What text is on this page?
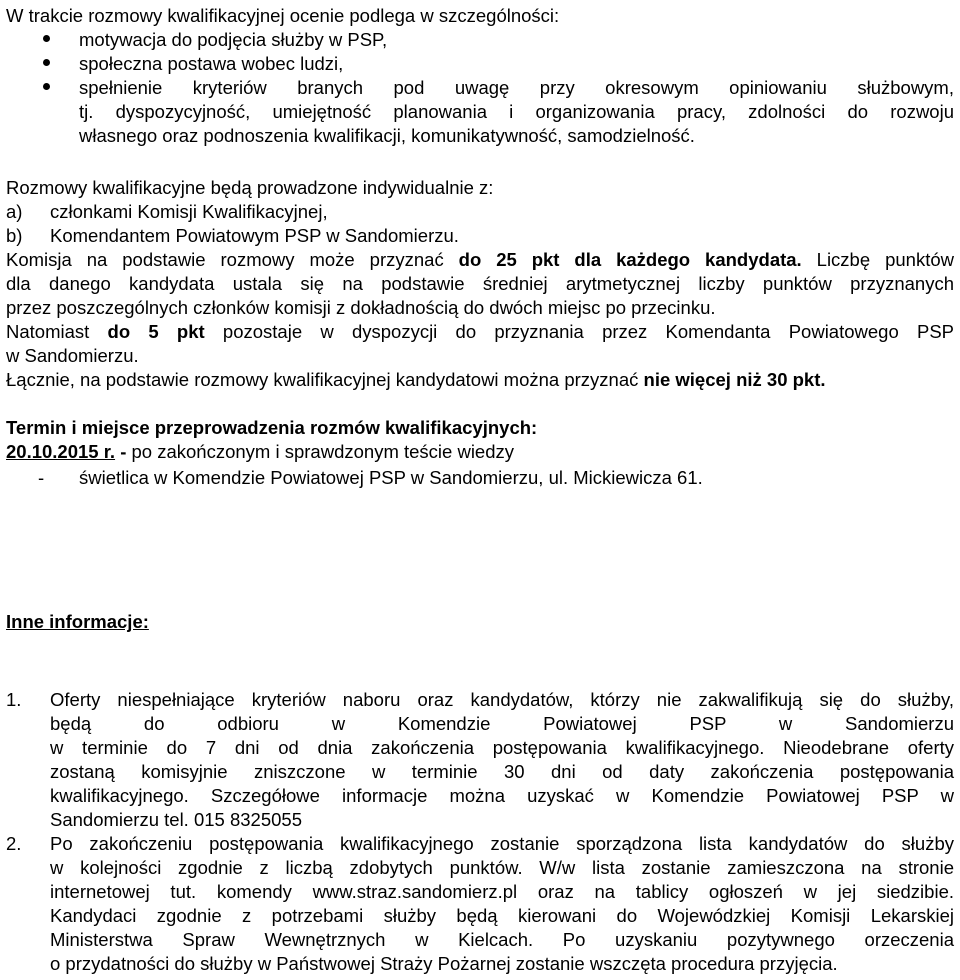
W trakcie rozmowy kwalifikacyjnej ocenie podlega w szczególności:
motywacja do podjęcia służby w PSP,
społeczna postawa wobec ludzi,
spełnienie kryteriów branych pod uwagę przy okresowym opiniowaniu służbowym,
tj. dyspozycyjność, umiejętność planowania i organizowania pracy, zdolności do rozwoju
własnego oraz podnoszenia kwalifikacji, komunikatywność, samodzielność.
Rozmowy kwalifikacyjne będą prowadzone indywidualnie z:
a) członkami Komisji Kwalifikacyjnej,
b) Komendantem Powiatowym PSP w Sandomierzu.
Komisja na podstawie rozmowy może przyznać do 25 pkt dla każdego kandydata. Liczbę punktów
dla danego kandydata ustala się na podstawie średniej arytmetycznej liczby punktów przyznanych
przez poszczególnych członków komisji z dokładnością do dwóch miejsc po przecinku.
Natomiast do 5 pkt pozostaje w dyspozycji do przyznania przez Komendanta Powiatowego PSP
w Sandomierzu.
Łącznie, na podstawie rozmowy kwalifikacyjnej kandydatowi można przyznać nie więcej niż 30 pkt.
Termin i miejsce przeprowadzenia rozmów kwalifikacyjnych:
20.10.2015 r. - po zakończonym i sprawdzonym teście wiedzy
- świetlica w Komendzie Powiatowej PSP w Sandomierzu, ul. Mickiewicza 61.
Inne informacje:
1. Oferty niespełniające kryteriów naboru oraz kandydatów, którzy nie zakwalifikują się do służby,
będą do odbioru w Komendzie Powiatowej PSP w Sandomierzu
w terminie do 7 dni od dnia zakończenia postępowania kwalifikacyjnego. Nieodebrane oferty
zostaną komisyjnie zniszczone w terminie 30 dni od daty zakończenia postępowania
kwalifikacyjnego. Szczegółowe informacje można uzyskać w Komendzie Powiatowej PSP w
Sandomierzu tel. 015 8325055
2. Po zakończeniu postępowania kwalifikacyjnego zostanie sporządzona lista kandydatów do służby
w kolejności zgodnie z liczbą zdobytych punktów. W/w lista zostanie zamieszczona na stronie
internetowej tut. komendy www.straz.sandomierz.pl oraz na tablicy ogłoszeń w jej siedzibie.
Kandydaci zgodnie z potrzebami służby będą kierowani do Wojewódzkiej Komisji Lekarskiej
Ministerstwa Spraw Wewnętrznych w Kielcach. Po uzyskaniu pozytywnego orzeczenia
o przydatności do służby w Państwowej Straży Pożarnej zostanie wszczęta procedura przyjęcia.
